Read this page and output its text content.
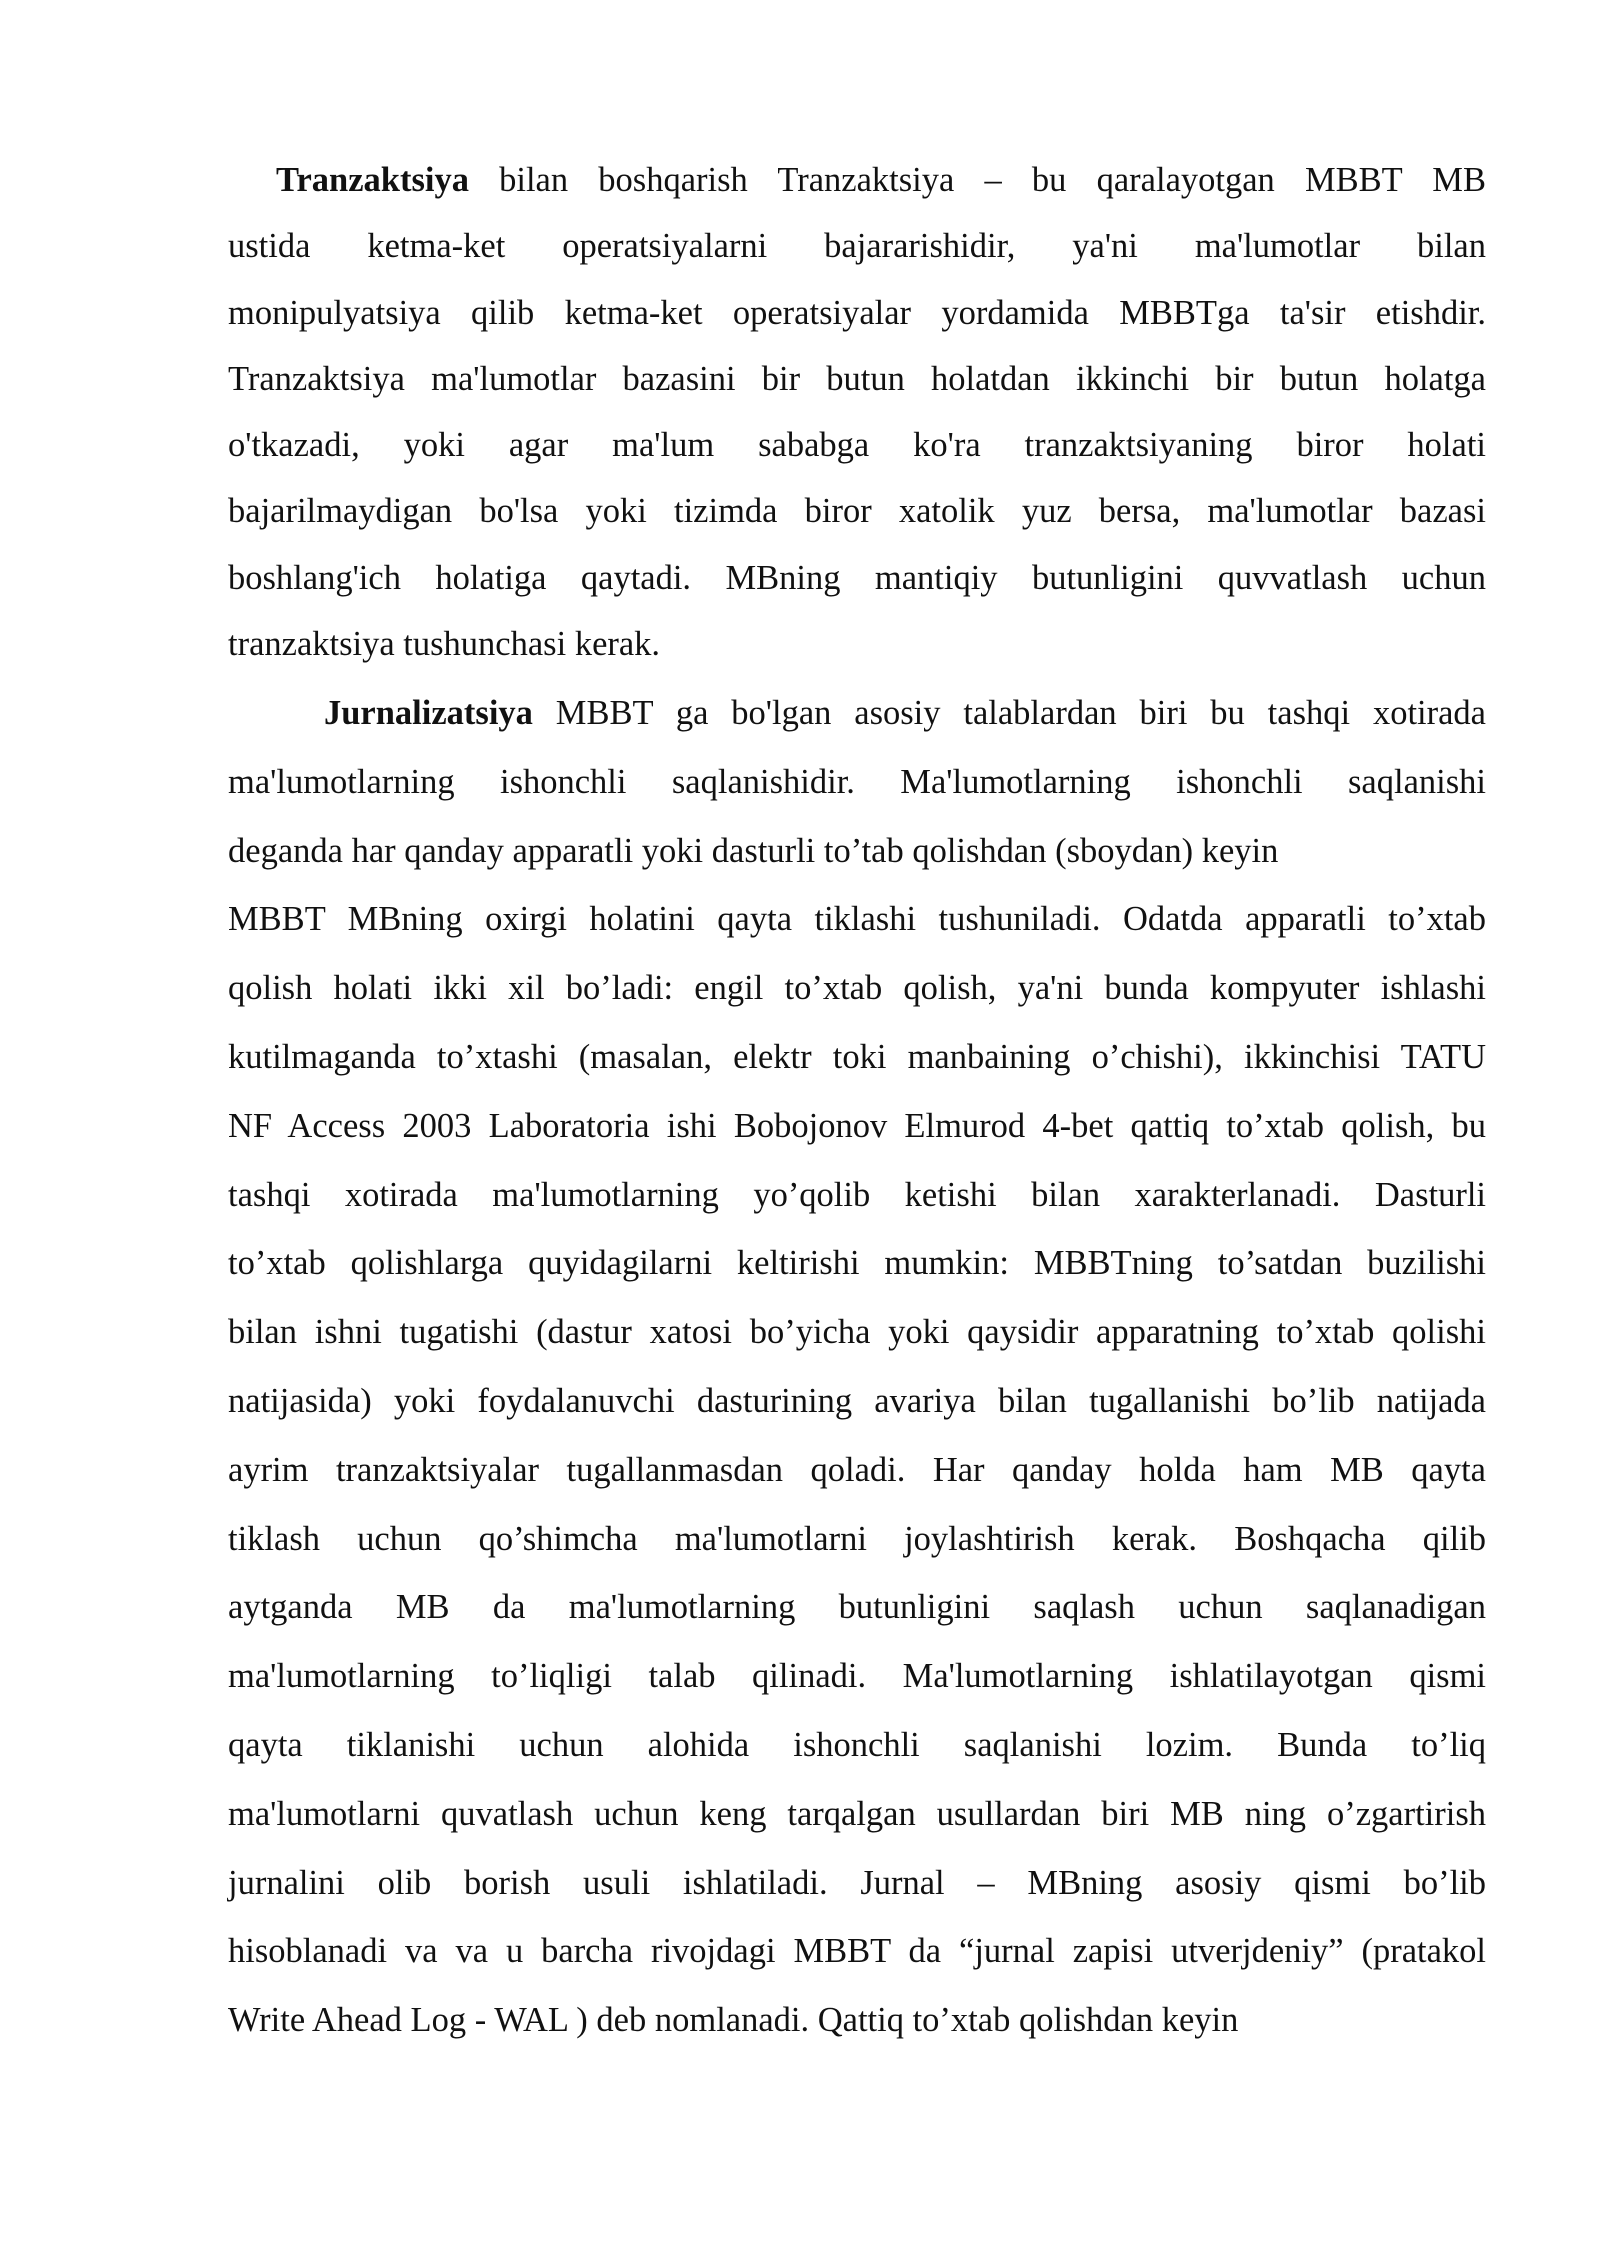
Tranzaktsiya bilan boshqarish Tranzaktsiya – bu qaralayotgan MBBT MB
ustida ketma-ket operatsiyalarni bajararishidir, ya'ni ma'lumotlar bilan
monipulyatsiya qilib ketma-ket operatsiyalar yordamida MBBTga ta'sir etishdir.
Tranzaktsiya ma'lumotlar bazasini bir butun holatdan ikkinchi bir butun holatga
o'tkazadi, yoki agar ma'lum sababga ko'ra tranzaktsiyaning biror holati
bajarilmaydigan bo'lsa yoki tizimda biror xatolik yuz bersa, ma'lumotlar bazasi
boshlang'ich holatiga qaytadi. MBning mantiqiy butunligini quvvatlash uchun
tranzaktsiya tushunchasi kerak.
Jurnalizatsiya MBBT ga bo'lgan asosiy talablardan biri bu tashqi xotirada
ma'lumotlarning ishonchli saqlanishidir. Ma'lumotlarning ishonchli saqlanishi
deganda har qanday apparatli yoki dasturli to’tab qolishdan (sboydan) keyin
MBBT MBning oxirgi holatini qayta tiklashi tushuniladi. Odatda apparatli to’xtab
qolish holati ikki xil bo’ladi: engil to’xtab qolish, ya'ni bunda kompyuter ishlashi
kutilmaganda to’xtashi (masalan, elektr toki manbaining o’chishi), ikkinchisi TATU
NF Access 2003 Laboratoria ishi Bobojonov Elmurod 4-bet qattiq to’xtab qolish, bu
tashqi xotirada ma'lumotlarning yo’qolib ketishi bilan xarakterlanadi. Dasturli
to’xtab qolishlarga quyidagilarni keltirishi mumkin: MBBTning to’satdan buzilishi
bilan ishni tugatishi (dastur xatosi bo’yicha yoki qaysidir apparatning to’xtab qolishi
natijasida) yoki foydalanuvchi dasturining avariya bilan tugallanishi bo’lib natijada
ayrim tranzaktsiyalar tugallanmasdan qoladi. Har qanday holda ham MB qayta
tiklash uchun qo’shimcha ma'lumotlarni joylashtirish kerak. Boshqacha qilib
aytganda MB da ma'lumotlarning butunligini saqlash uchun saqlanadigan
ma'lumotlarning to’liqligi talab qilinadi. Ma'lumotlarning ishlatilayotgan qismi
qayta tiklanishi uchun alohida ishonchli saqlanishi lozim. Bunda to’liq
ma'lumotlarni quvatlash uchun keng tarqalgan usullardan biri MB ning o’zgartirish
jurnalini olib borish usuli ishlatiladi. Jurnal – MBning asosiy qismi bo’lib
hisoblanadi va va u barcha rivojdagi MBBT da “jurnal zapisi utverjdeniy” (pratakol
Write Ahead Log - WAL ) deb nomlanadi. Qattiq to’xtab qolishdan keyin
